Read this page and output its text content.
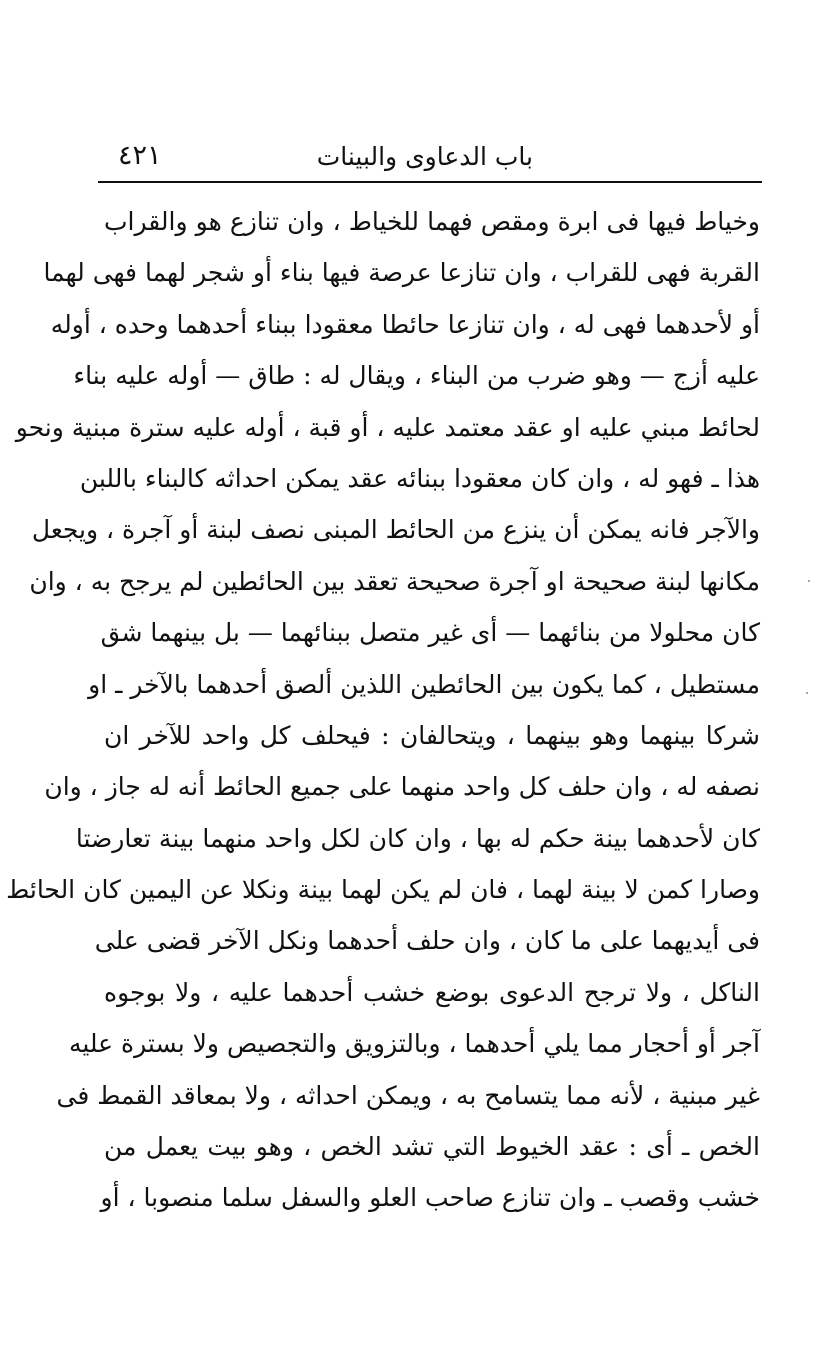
باب الدعاوى والبينات
٤٢١
وخياط فيها فى ابرة ومقص فهما للخياط ، وان تنازع هو والقراب
القربة فهى للقراب ، وان تنازعا عرصة فيها بناء أو شجر لهما فهى لهما
أو لأحدهما فهى له ، وان تنازعا حائطا معقودا ببناء أحدهما وحده ، أوله
عليه أزج — وهو ضرب من البناء ، ويقال له : طاق — أوله عليه بناء
لحائط مبني عليه او عقد معتمد عليه ، أو قبة ، أوله عليه سترة مبنية ونحو
هذا ـ فهو له ، وان كان معقودا ببنائه عقد يمكن احداثه كالبناء باللبن
والآجر فانه يمكن أن ينزع من الحائط المبنى نصف لبنة أو آجرة ، ويجعل
مكانها لبنة صحيحة او آجرة صحيحة تعقد بين الحائطين لم يرجح به ، وان
كان محلولا من بنائهما — أى غير متصل ببنائهما — بل بينهما شق
مستطيل ، كما يكون بين الحائطين اللذين ألصق أحدهما بالآخر ـ او
شركا بينهما وهو بينهما ، ويتحالفان : فيحلف كل واحد للآخر ان
نصفه له ، وان حلف كل واحد منهما على جميع الحائط أنه له جاز ، وان
كان لأحدهما بينة حكم له بها ، وان كان لكل واحد منهما بينة تعارضتا
وصارا كمن لا بينة لهما ، فان لم يكن لهما بينة ونكلا عن اليمين كان الحائط
فى أيديهما على ما كان ، وان حلف أحدهما ونكل الآخر قضى على
الناكل ، ولا ترجح الدعوى بوضع خشب أحدهما عليه ، ولا بوجوه
آجر أو أحجار مما يلي أحدهما ، وبالتزويق والتجصيص ولا بسترة عليه
غير مبنية ، لأنه مما يتسامح به ، ويمكن احداثه ، ولا بمعاقد القمط فى
الخص ـ أى : عقد الخيوط التي تشد الخص ، وهو بيت يعمل من
خشب وقصب ـ وان تنازع صاحب العلو والسفل سلما منصوبا ، أو
